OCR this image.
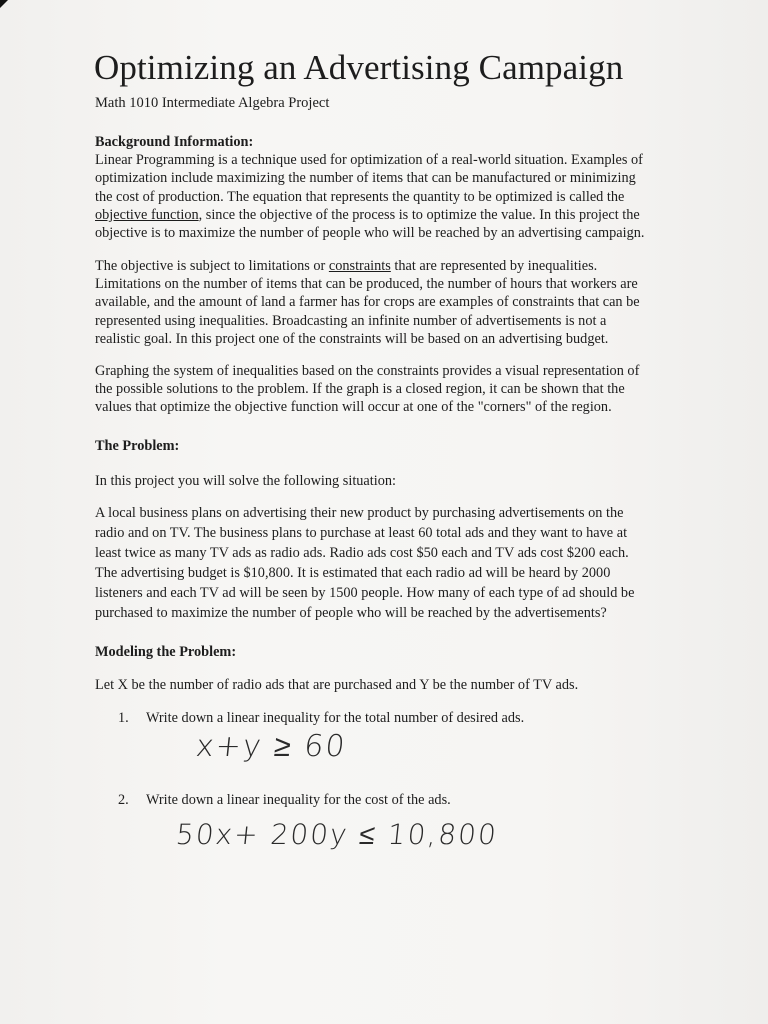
Optimizing an Advertising Campaign
Math 1010 Intermediate Algebra Project
Background Information:
Linear Programming is a technique used for optimization of a real-world situation. Examples of
optimization include maximizing the number of items that can be manufactured or minimizing
the cost of production. The equation that represents the quantity to be optimized is called the
objective function, since the objective of the process is to optimize the value. In this project the
objective is to maximize the number of people who will be reached by an advertising campaign.
The objective is subject to limitations or constraints that are represented by inequalities.
Limitations on the number of items that can be produced, the number of hours that workers are
available, and the amount of land a farmer has for crops are examples of constraints that can be
represented using inequalities. Broadcasting an infinite number of advertisements is not a
realistic goal. In this project one of the constraints will be based on an advertising budget.
Graphing the system of inequalities based on the constraints provides a visual representation of
the possible solutions to the problem. If the graph is a closed region, it can be shown that the
values that optimize the objective function will occur at one of the "corners" of the region.
The Problem:
In this project you will solve the following situation:
A local business plans on advertising their new product by purchasing advertisements on the
radio and on TV. The business plans to purchase at least 60 total ads and they want to have at
least twice as many TV ads as radio ads. Radio ads cost $50 each and TV ads cost $200 each.
The advertising budget is $10,800. It is estimated that each radio ad will be heard by 2000
listeners and each TV ad will be seen by 1500 people. How many of each type of ad should be
purchased to maximize the number of people who will be reached by the advertisements?
Modeling the Problem:
Let X be the number of radio ads that are purchased and Y be the number of TV ads.
1. Write down a linear inequality for the total number of desired ads.
x+y ≥ 60
2. Write down a linear inequality for the cost of the ads.
50x+ 200y ≤ 10,800
